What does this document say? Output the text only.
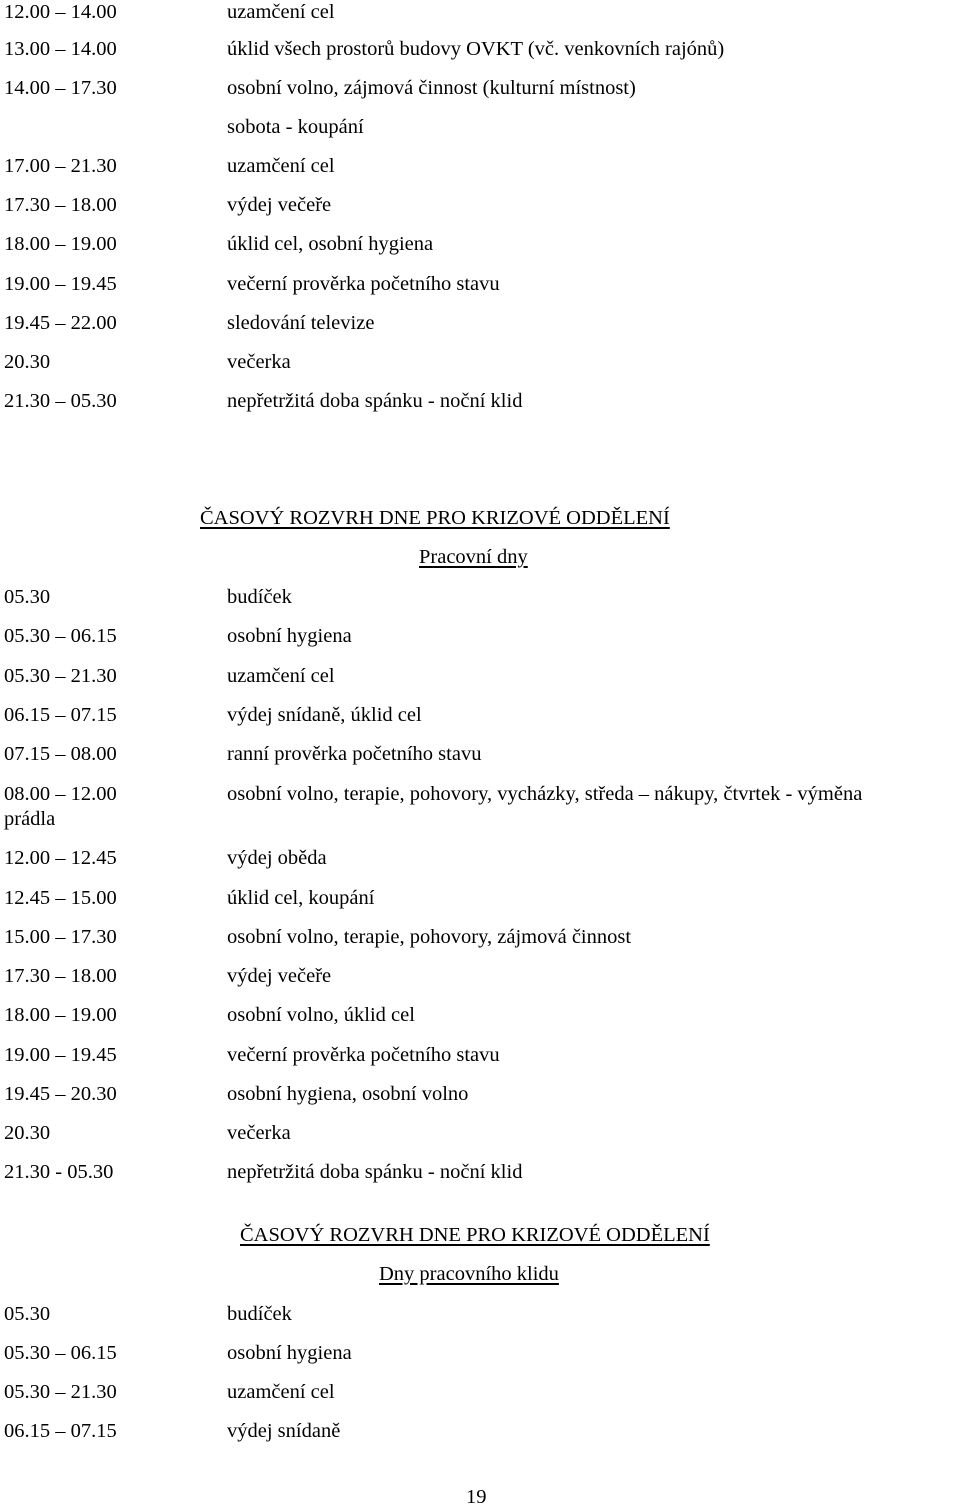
12.00 – 14.00	uzamčení cel
13.00 – 14.00	úklid všech prostorů budovy OVKT (vč. venkovních rajónů)
14.00 – 17.30	osobní volno, zájmová činnost (kulturní místnost)
sobota - koupání
17.00 – 21.30	uzamčení cel
17.30 – 18.00	výdej večeře
18.00 – 19.00	úklid cel, osobní hygiena
19.00 – 19.45	večerní prověrka početního stavu
19.45 – 22.00	sledování televize
20.30	večerka
21.30 – 05.30	nepřetržitá doba spánku - noční klid
ČASOVÝ ROZVRH DNE PRO KRIZOVÉ ODDĚLENÍ
Pracovní dny
05.30	budíček
05.30 – 06.15	osobní hygiena
05.30 – 21.30	uzamčení cel
06.15 – 07.15	výdej snídaně, úklid cel
07.15 – 08.00	ranní prověrka početního stavu
08.00 – 12.00	osobní volno, terapie, pohovory, vycházky, středa – nákupy, čtvrtek - výměna
prádla
12.00 – 12.45	výdej oběda
12.45 – 15.00	úklid cel, koupání
15.00 – 17.30	osobní volno, terapie, pohovory, zájmová činnost
17.30 – 18.00	výdej večeře
18.00 – 19.00	osobní volno, úklid cel
19.00 – 19.45	večerní prověrka početního stavu
19.45 – 20.30	osobní hygiena, osobní volno
20.30	večerka
21.30 - 05.30	nepřetržitá doba spánku - noční klid
ČASOVÝ ROZVRH DNE PRO KRIZOVÉ ODDĚLENÍ
Dny pracovního klidu
05.30	budíček
05.30 – 06.15	osobní hygiena
05.30 – 21.30	uzamčení cel
06.15 – 07.15	výdej snídaně
19
